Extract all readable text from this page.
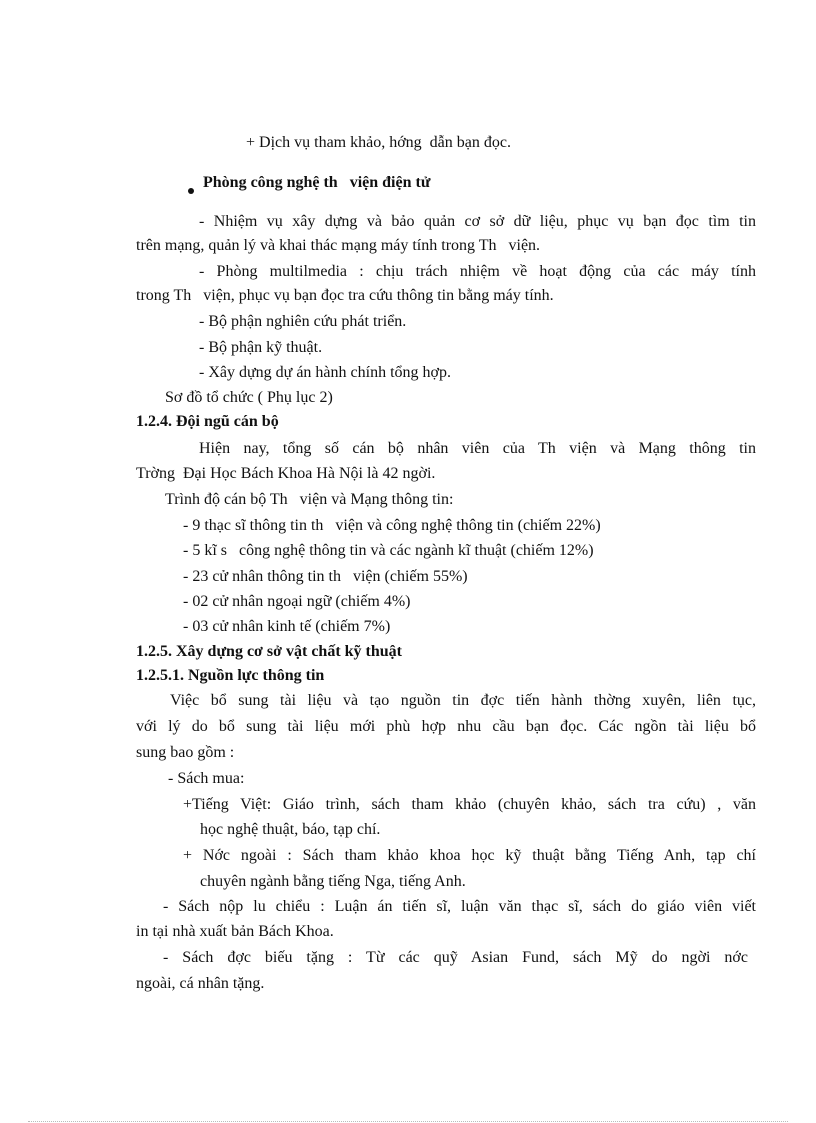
+ Dịch vụ tham khảo, hớng  dẫn bạn đọc.

Phòng công nghệ th   viện điện tử

- Nhiệm vụ xây dựng và bảo quản cơ sở dữ liệu, phục vụ bạn đọc tìm tin

trên mạng, quản lý và khai thác mạng máy tính trong Th   viện.

- Phòng multilmedia : chịu trách nhiệm về hoạt động của các máy tính

trong Th   viện, phục vụ bạn đọc tra cứu thông tin bằng máy tính.

- Bộ phận nghiên cứu phát triển.

- Bộ phận kỹ thuật.

- Xây dựng dự án hành chính tổng hợp.

Sơ đồ tổ chức ( Phụ lục 2)

1.2.4. Đội ngũ cán bộ

Hiện nay, tổng số cán bộ nhân viên của Th viện và Mạng thông tin

Trờng  Đại Học Bách Khoa Hà Nội là 42 ngời.

Trình độ cán bộ Th   viện và Mạng thông tin:

- 9 thạc sĩ thông tin th   viện và công nghệ thông tin (chiếm 22%)

- 5 kĩ s   công nghệ thông tin và các ngành kĩ thuật (chiếm 12%)

- 23 cử nhân thông tin th   viện (chiếm 55%)

- 02 cử nhân ngoại ngữ (chiếm 4%)

- 03 cử nhân kinh tế (chiếm 7%)

1.2.5. Xây dựng cơ sở vật chất kỹ thuật

1.2.5.1. Nguồn lực thông tin

Việc bổ sung tài liệu và tạo nguồn tin đợc tiến hành thờng xuyên, liên tục,

với lý do bổ sung tài liệu mới phù hợp nhu cầu bạn đọc. Các ngồn tài liệu bổ

sung bao gồm :

- Sách mua:

+Tiếng Việt: Giáo trình, sách tham khảo (chuyên khảo, sách tra cứu) , văn

học nghệ thuật, báo, tạp chí.

+ Nớc ngoài : Sách tham khảo khoa học kỹ thuật bằng Tiếng Anh, tạp chí

chuyên ngành bằng tiếng Nga, tiếng Anh.

- Sách nộp lu chiểu : Luận án tiến sĩ, luận văn thạc sĩ, sách do giáo viên viết

in tại nhà xuất bản Bách Khoa.

- Sách đợc biếu tặng : Từ các quỹ Asian Fund, sách Mỹ do ngời nớc

ngoài, cá nhân tặng.
